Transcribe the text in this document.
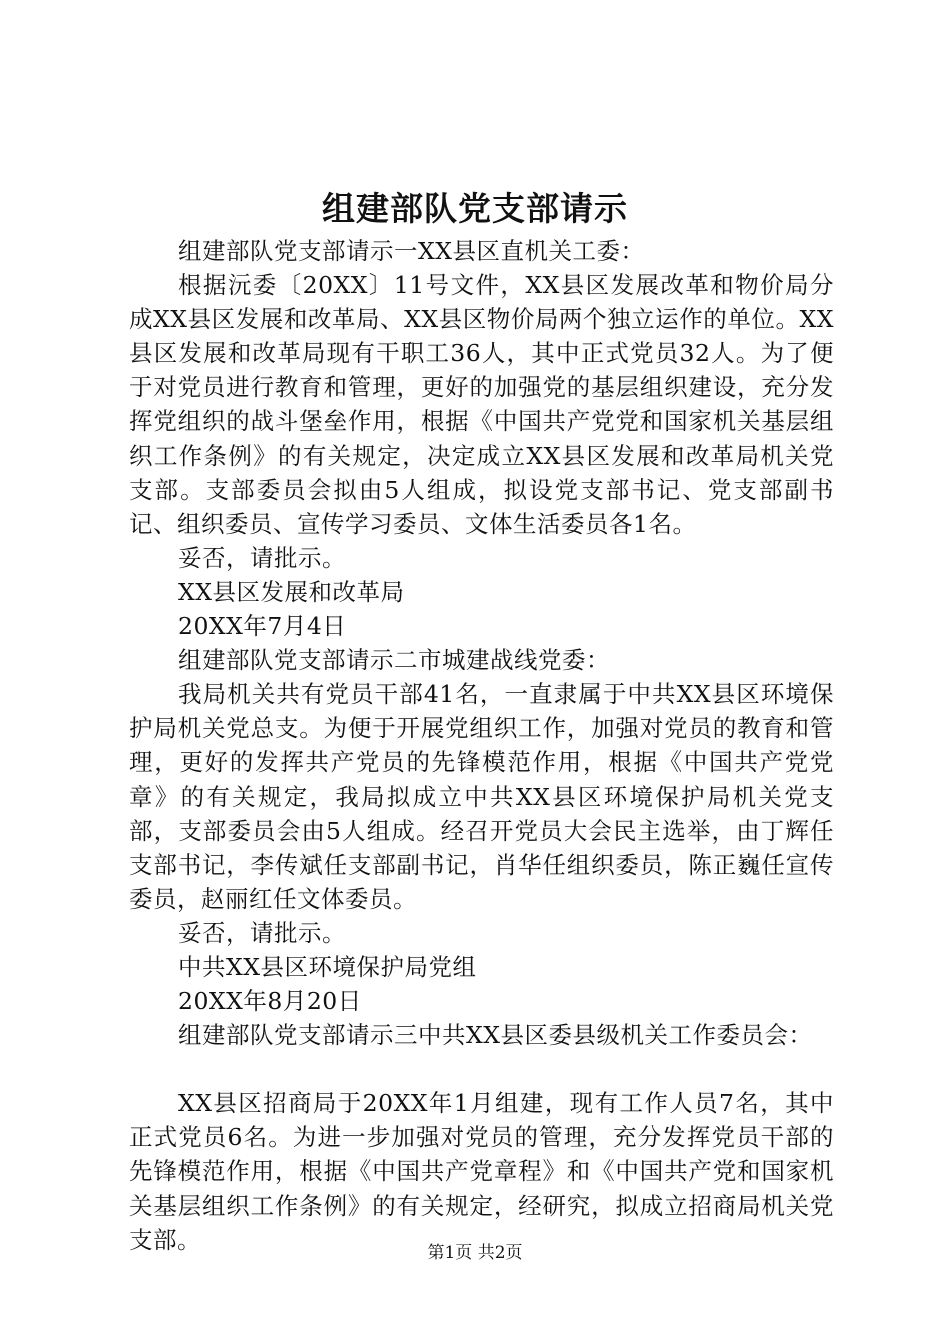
组建部队党支部请示

组建部队党支部请示一XX县区直机关工委：

根据沅委〔20XX〕11号文件，XX县区发展改革和物价局分成XX县区发展和改革局、XX县区物价局两个独立运作的单位。XX县区发展和改革局现有干职工36人，其中正式党员32人。为了便于对党员进行教育和管理，更好的加强党的基层组织建设，充分发挥党组织的战斗堡垒作用，根据《中国共产党党和国家机关基层组织工作条例》的有关规定，决定成立XX县区发展和改革局机关党支部。支部委员会拟由5人组成，拟设党支部书记、党支部副书记、组织委员、宣传学习委员、文体生活委员各1名。

妥否，请批示。

XX县区发展和改革局

20XX年7月4日

组建部队党支部请示二市城建战线党委：

我局机关共有党员干部41名，一直隶属于中共XX县区环境保护局机关党总支。为便于开展党组织工作，加强对党员的教育和管理，更好的发挥共产党员的先锋模范作用，根据《中国共产党党章》的有关规定，我局拟成立中共XX县区环境保护局机关党支部，支部委员会由5人组成。经召开党员大会民主选举，由丁辉任支部书记，李传斌任支部副书记，肖华任组织委员，陈正巍任宣传委员，赵丽红任文体委员。

妥否，请批示。

中共XX县区环境保护局党组

20XX年8月20日

组建部队党支部请示三中共XX县区委县级机关工作委员会：

XX县区招商局于20XX年1月组建，现有工作人员7名，其中正式党员6名。为进一步加强对党员的管理，充分发挥党员干部的先锋模范作用，根据《中国共产党章程》和《中国共产党和国家机关基层组织工作条例》的有关规定，经研究，拟成立招商局机关党支部。	第1页 共2页
